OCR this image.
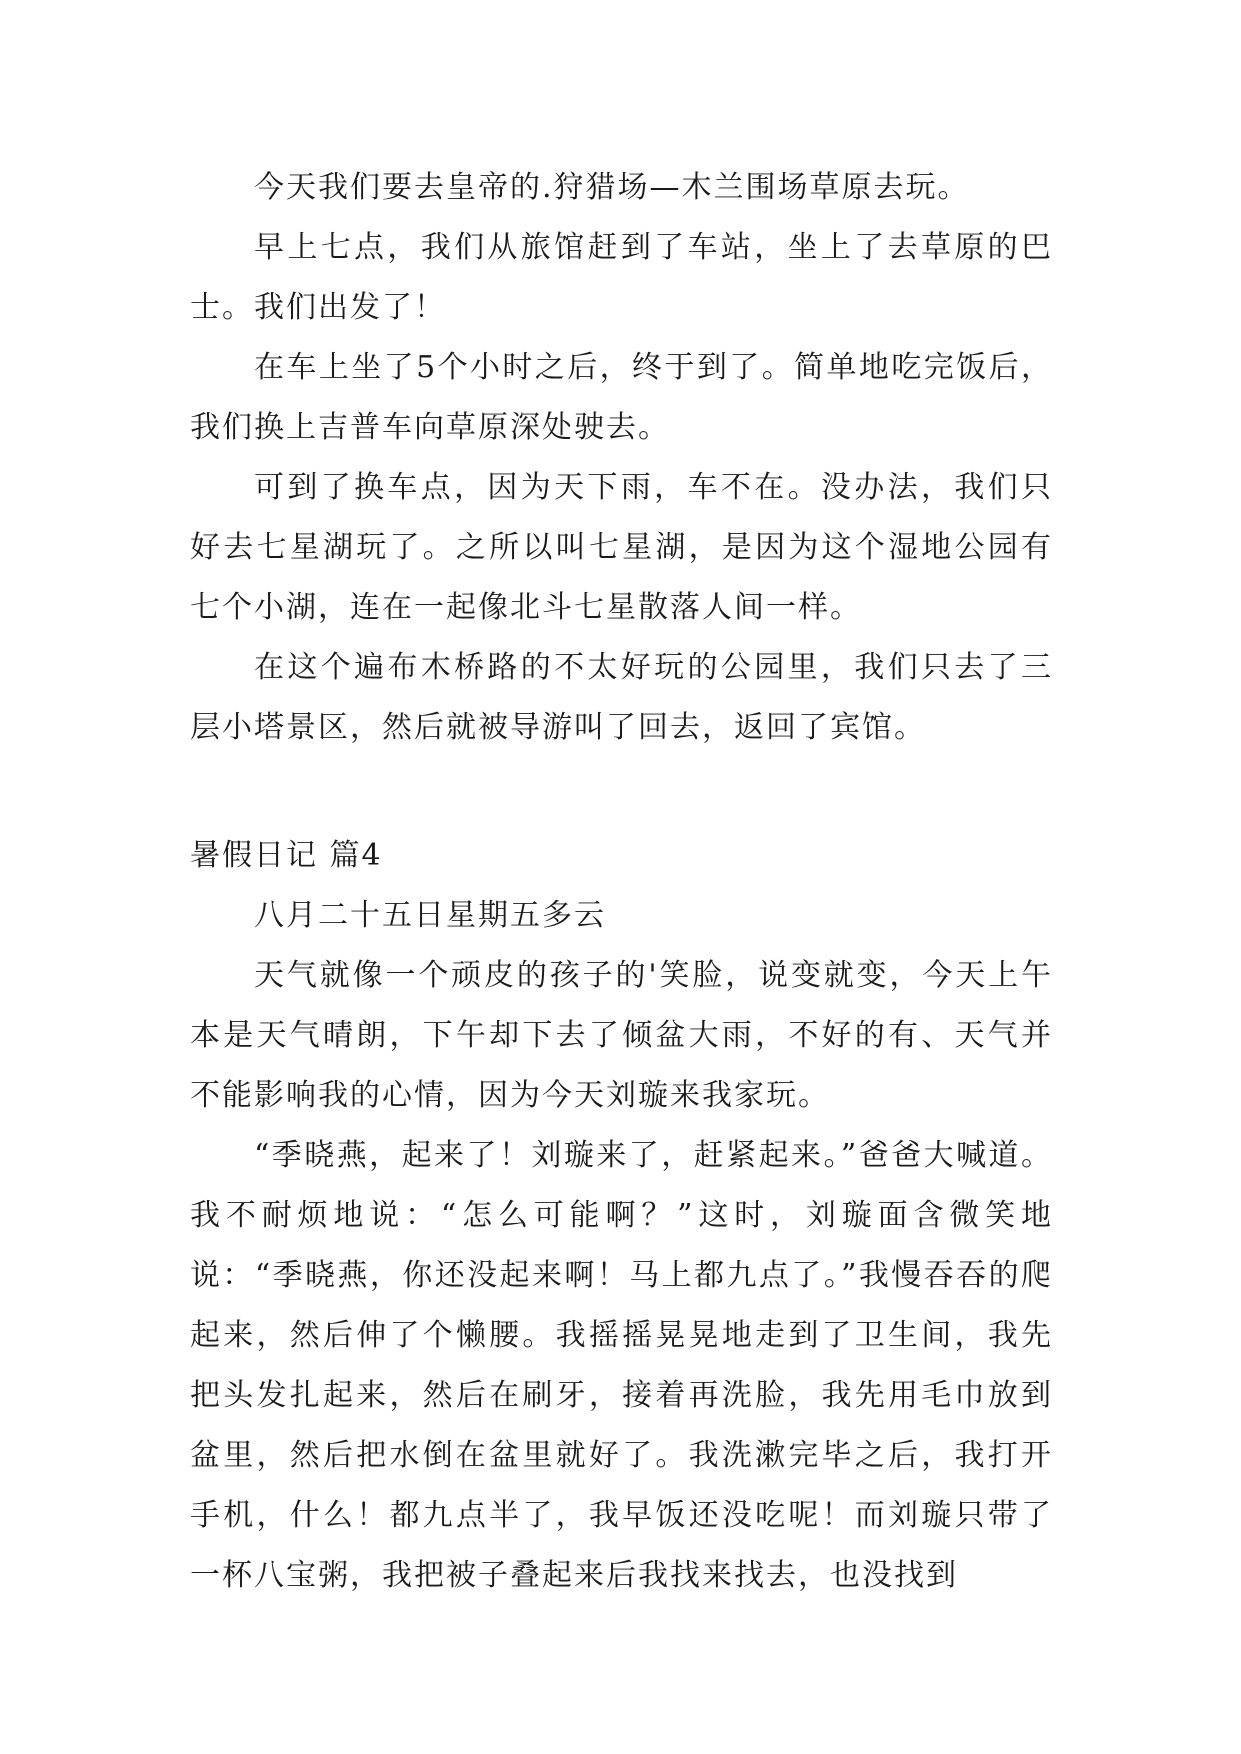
今天我们要去皇帝的.狩猎场—木兰围场草原去玩。

早上七点，我们从旅馆赶到了车站，坐上了去草原的巴士。我们出发了！

在车上坐了5个小时之后，终于到了。简单地吃完饭后，我们换上吉普车向草原深处驶去。

可到了换车点，因为天下雨，车不在。没办法，我们只好去七星湖玩了。之所以叫七星湖，是因为这个湿地公园有七个小湖，连在一起像北斗七星散落人间一样。

在这个遍布木桥路的不太好玩的公园里，我们只去了三层小塔景区，然后就被导游叫了回去，返回了宾馆。

暑假日记 篇4

八月二十五日星期五多云

天气就像一个顽皮的孩子的'笑脸，说变就变，今天上午本是天气晴朗，下午却下去了倾盆大雨，不好的有、天气并不能影响我的心情，因为今天刘璇来我家玩。

“季晓燕，起来了！刘璇来了，赶紧起来。”爸爸大喊道。我不耐烦地说：“怎么可能啊？”这时，刘璇面含微笑地说：“季晓燕，你还没起来啊！马上都九点了。”我慢吞吞的爬起来，然后伸了个懒腰。我摇摇晃晃地走到了卫生间，我先把头发扎起来，然后在刷牙，接着再洗脸，我先用毛巾放到盆里，然后把水倒在盆里就好了。我洗漱完毕之后，我打开手机，什么！都九点半了，我早饭还没吃呢！而刘璇只带了一杯八宝粥，我把被子叠起来后我找来找去，也没找到
